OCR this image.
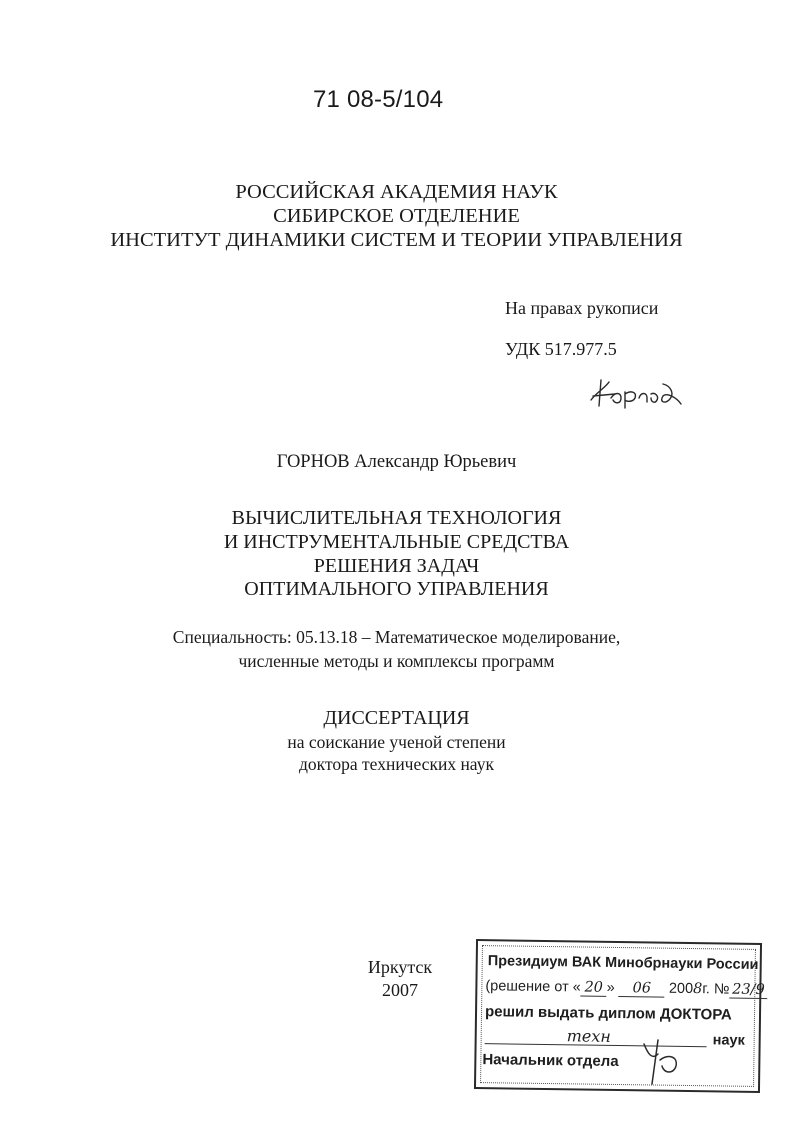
71 08-5/104
РОССИЙСКАЯ АКАДЕМИЯ НАУК
СИБИРСКОЕ ОТДЕЛЕНИЕ
ИНСТИТУТ ДИНАМИКИ СИСТЕМ И ТЕОРИИ УПРАВЛЕНИЯ
На правах рукописи
УДК 517.977.5
ГОРНОВ Александр Юрьевич
ВЫЧИСЛИТЕЛЬНАЯ ТЕХНОЛОГИЯ
И ИНСТРУМЕНТАЛЬНЫЕ СРЕДСТВА
РЕШЕНИЯ ЗАДАЧ
ОПТИМАЛЬНОГО УПРАВЛЕНИЯ
Специальность: 05.13.18 – Математическое моделирование,
численные методы и комплексы программ
ДИССЕРТАЦИЯ
на соискание ученой степени
доктора технических наук
Иркутск
2007
Президиум ВАК Минобрнауки России
(решение от « 20 » 06 2008г. № 23/9
решил выдать диплом ДОКТОРА
техн	наук
Начальник отдела
